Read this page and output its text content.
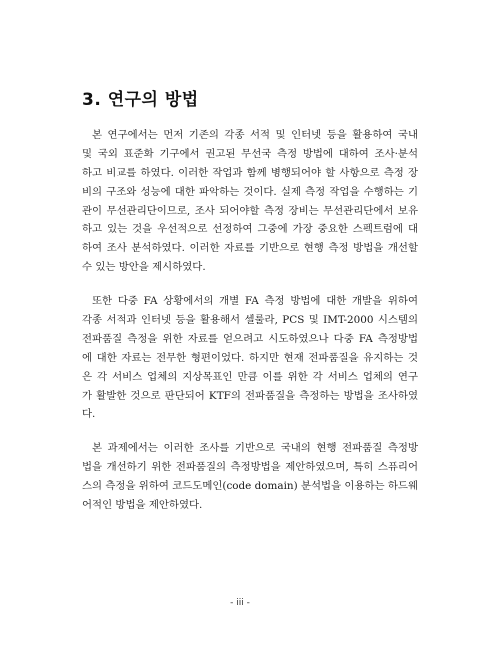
3. 연구의 방법
본 연구에서는 먼저 기존의 각종 서적 및 인터넷 등을 활용하여 국내
및 국외 표준화 기구에서 권고된 무선국 측정 방법에 대하여 조사·분석
하고 비교를 하였다. 이러한 작업과 함께 병행되어야 할 사항으로 측정 장
비의 구조와 성능에 대한 파악하는 것이다. 실제 측정 작업을 수행하는 기
관이 무선관리단이므로, 조사 되어야할 측정 장비는 무선관리단에서 보유
하고 있는 것을 우선적으로 선정하여 그중에 가장 중요한 스펙트럼에 대
하여 조사 분석하였다. 이러한 자료를 기반으로 현행 측정 방법을 개선할
수 있는 방안을 제시하였다.
또한 다중 FA 상황에서의 개별 FA 측정 방법에 대한 개발을 위하여
각종 서적과 인터넷 등을 활용해서 셀룰라, PCS 및 IMT-2000 시스템의
전파품질 측정을 위한 자료를 얻으려고 시도하였으나 다중 FA 측정방법
에 대한 자료는 전무한 형편이었다. 하지만 현재 전파품질을 유지하는 것
은 각 서비스 업체의 지상목표인 만큼 이를 위한 각 서비스 업체의 연구
가 활발한 것으로 판단되어 KTF의 전파품질을 측정하는 방법을 조사하였
다.
본 과제에서는 이러한 조사를 기반으로 국내의 현행 전파품질 측정방
법을 개선하기 위한 전파품질의 측정방법을 제안하였으며, 특히 스퓨리어
스의 측정을 위하여 코드도메인(code domain) 분석법을 이용하는 하드웨
어적인 방법을 제안하였다.
- iii -
